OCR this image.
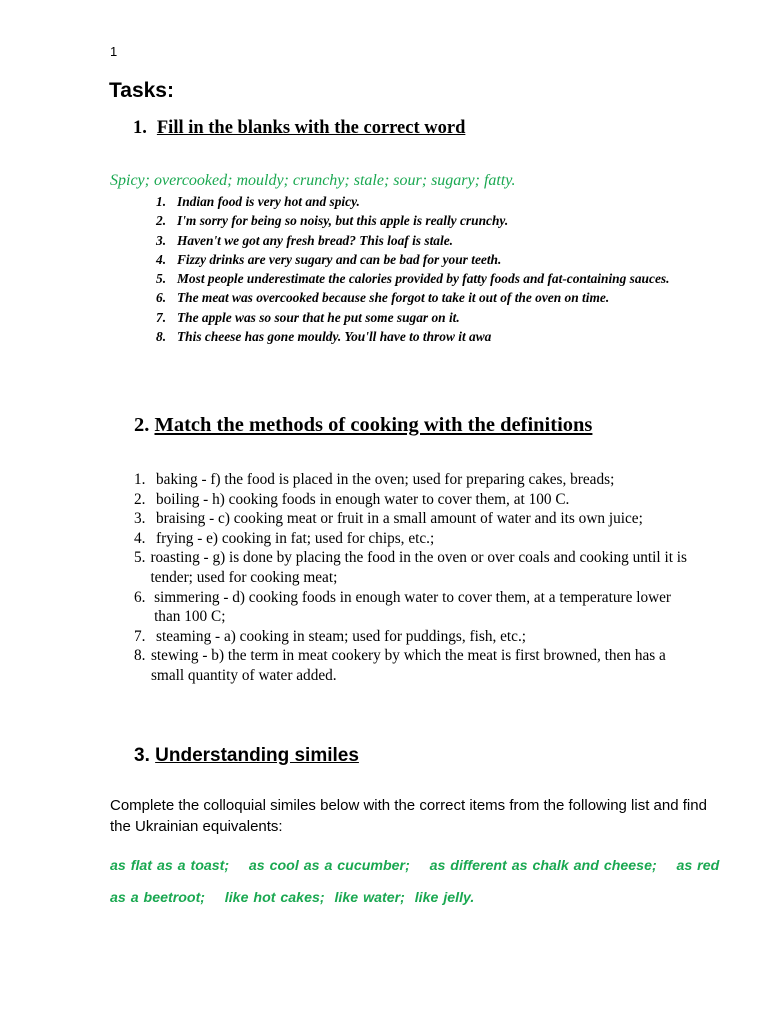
1
Tasks:
1. Fill in the blanks with the correct word

Spicy; overcooked; mouldy; crunchy; stale; sour; sugary; fatty.

1. Indian food is very hot and spicy.
2. I'm sorry for being so noisy, but this apple is really crunchy.
3. Haven't we got any fresh bread? This loaf is stale.
4. Fizzy drinks are very sugary and can be bad for your teeth.
5. Most people underestimate the calories provided by fatty foods and fat-containing sauces.
6. The meat was overcooked because she forgot to take it out of the oven on time.
7. The apple was so sour that he put some sugar on it.
8. This cheese has gone mouldy. You'll have to throw it awa
2. Match the methods of cooking with the definitions
1. baking - f) the food is placed in the oven; used for preparing cakes, breads;
2. boiling - h) cooking foods in enough water to cover them, at 100 C.
3. braising - c) cooking meat or fruit in a small amount of water and its own juice;
4. frying - e) cooking in fat; used for chips, etc.;
5. roasting - g) is done by placing the food in the oven or over coals and cooking until it is tender; used for cooking meat;
6. simmering - d) cooking foods in enough water to cover them, at a temperature lower than 100 C;
7. steaming - a) cooking in steam; used for puddings, fish, etc.;
8. stewing - b) the term in meat cookery by which the meat is first browned, then has a small quantity of water added.
3. Understanding similes

Complete the colloquial similes below with the correct items from the following list and find the Ukrainian equivalents:

as flat as a toast;    as cool as a cucumber;    as different as chalk and cheese;    as red as a beetroot;    like hot cakes;  like water;  like jelly.
